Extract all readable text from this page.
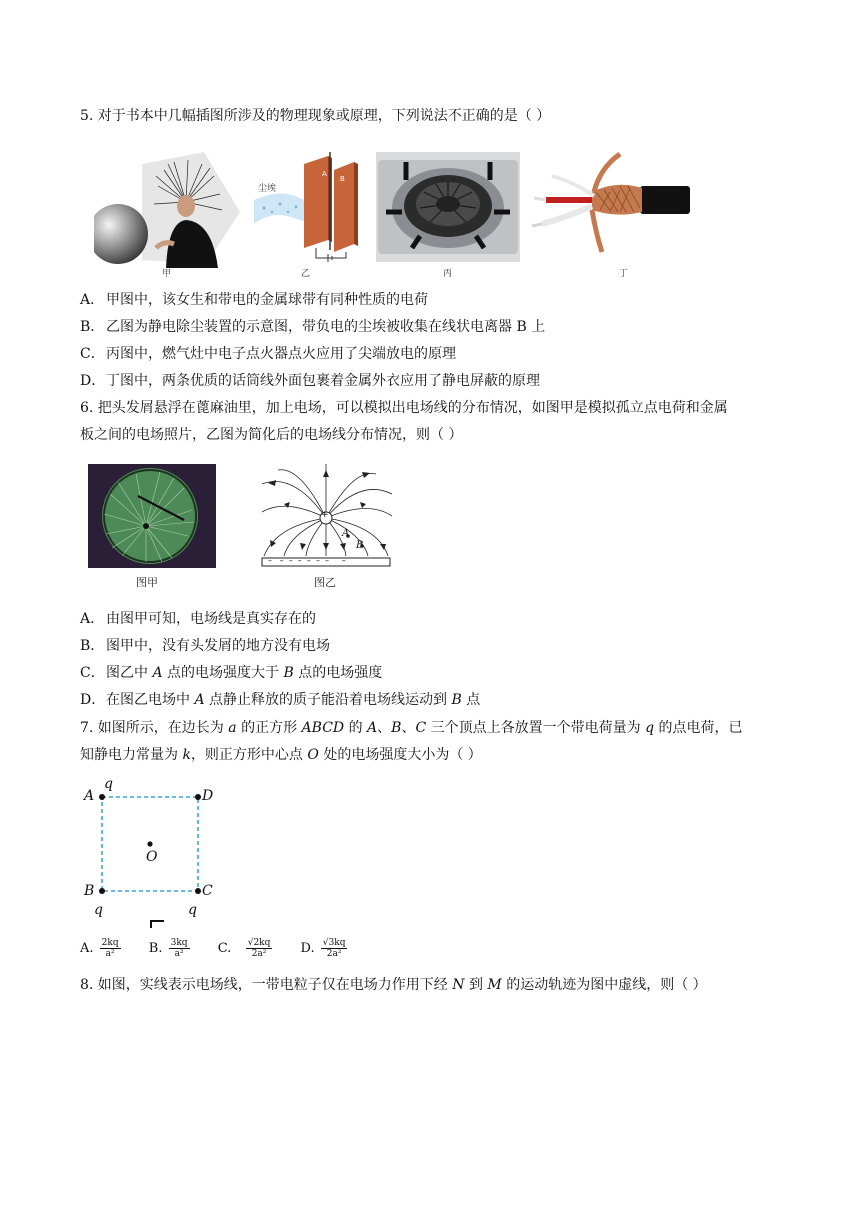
5. 对于书本中几幅插图所涉及的物理现象或原理，下列说法不正确的是（ ）
甲
尘埃
A
B
乙	丙	丁
A． 甲图中，该女生和带电的金属球带有同种性质的电荷
B． 乙图为静电除尘装置的示意图，带负电的尘埃被收集在线状电离器 B 上
C．丙图中，燃气灶中电子点火器点火应用了尖端放电的原理
D．丁图中，两条优质的话筒线外面包裹着金属外衣应用了静电屏蔽的原理
6. 把头发屑悬浮在蓖麻油里，加上电场，可以模拟出电场线的分布情况，如图甲是模拟孤立点电荷和金属
板之间的电场照片，乙图为简化后的电场线分布情况，则（ ）
图甲
+
A
B
–   –  –  –  –  –  –     –
图乙
A． 由图甲可知，电场线是真实存在的
B． 图甲中，没有头发屑的地方没有电场
C．图乙中 A 点的电场强度大于 B 点的电场强度
D．在图乙电场中 A 点静止释放的质子能沿着电场线运动到 B 点
7. 如图所示，在边长为 a 的正方形 ABCD 的 A、B、C 三个顶点上各放置一个带电荷量为 q 的点电荷，已
知静电力常量为 k，则正方形中心点 O 处的电场强度大小为（ ）
q
A	D
O
B	C
q	q
A. $\frac{2kq}{\text{a²}} B$. $\frac{3kq}{\text{a²}} C$. $\frac{√2kq}{\text{2a²}} D$. $\frac{√3kq}{\text{2a²}}$
8. 如图，实线表示电场线，一带电粒子仅在电场力作用下经 N 到 M 的运动轨迹为图中虚线，则（ ）
